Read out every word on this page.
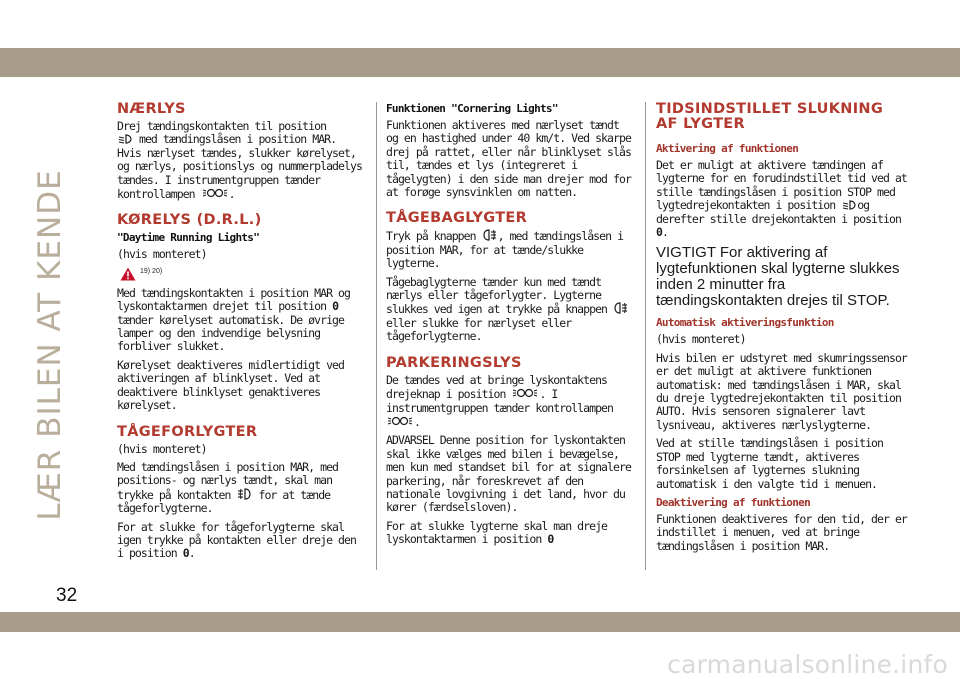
LÆR BILEN AT KENDE
NÆRLYS

Drej tændingskontakten til position
med tændingslåsen i position MAR. Hvis nærlyset tændes, slukker kørelyset, og nærlys, positionslys og nummerpladelys tændes. I instrumentgruppen tænder kontrollampen	.

KØRELYS (D.R.L.)
"Daytime Running Lights"

(hvis monteret)

19) 20)

Med tændingskontakten i position MAR og lyskontaktarmen drejet til position 0 tænder kørelyset automatisk. De øvrige lamper og den indvendige belysning forbliver slukket.

Kørelyset deaktiveres midlertidigt ved aktiveringen af blinklyset. Ved at deaktivere blinklyset genaktiveres kørelyset.

TÅGEFORLYGTER

(hvis monteret)

Med tændingslåsen i position MAR, med positions- og nærlys tændt, skal man trykke på kontakten for at tænde tågeforlygterne.

For at slukke for tågeforlygterne skal igen trykke på kontakten eller dreje den i position 0.

Funktionen "Cornering Lights"

Funktionen aktiveres med nærlyset tændt og en hastighed under 40 km/t. Ved skarpe drej på rattet, eller når blinklyset slås til, tændes et lys (integreret i tågelygten) i den side man drejer mod for at forøge synsvinklen om natten.

TÅGEBAGLYGTER

Tryk på knappen , med tændingslåsen i position MAR, for at tænde/slukke lygterne.

Tågebaglygterne tænder kun med tændt nærlys eller tågeforlygter. Lygterne slukkes ved igen at trykke på knappen  eller slukke for nærlyset eller tågeforlygterne.

PARKERINGSLYS

De tændes ved at bringe lyskontaktens drejeknap i position	. I instrumentgruppen tænder kontrollampen .

ADVARSEL Denne position for lyskontakten skal ikke vælges med bilen i bevægelse, men kun med standset bil for at signalere parkering, når foreskrevet af den nationale lovgivning i det land, hvor du kører (færdselsloven).

For at slukke lygterne skal man dreje lyskontaktarmen i position 0

TIDSINDSTILLET SLUKNING AF LYGTER
Aktivering af funktionen

Det er muligt at aktivere tændingen af lygterne for en forudindstillet tid ved at stille tændingslåsen i position STOP med lygtedrejekontakten i position og derefter stille drejekontakten i position 0.

VIGTIGT For aktivering af lygtefunktionen skal lygterne slukkes inden 2 minutter fra tændingskontakten drejes til STOP.

Automatisk aktiveringsfunktion

(hvis monteret)

Hvis bilen er udstyret med skumringssensor er det muligt at aktivere funktionen automatisk: med tændingslåsen i MAR, skal du dreje lygtedrejekontakten til position AUTO. Hvis sensoren signalerer lavt lysniveau, aktiveres nærlyslygterne.

Ved at stille tændingslåsen i position STOP med lygterne tændt, aktiveres forsinkelsen af lygternes slukning automatisk i den valgte tid i menuen.

Deaktivering af funktionen

Funktionen deaktiveres for den tid, der er indstillet i menuen, ved at bringe tændingslåsen i position MAR.

32
carmanualsonline.info
